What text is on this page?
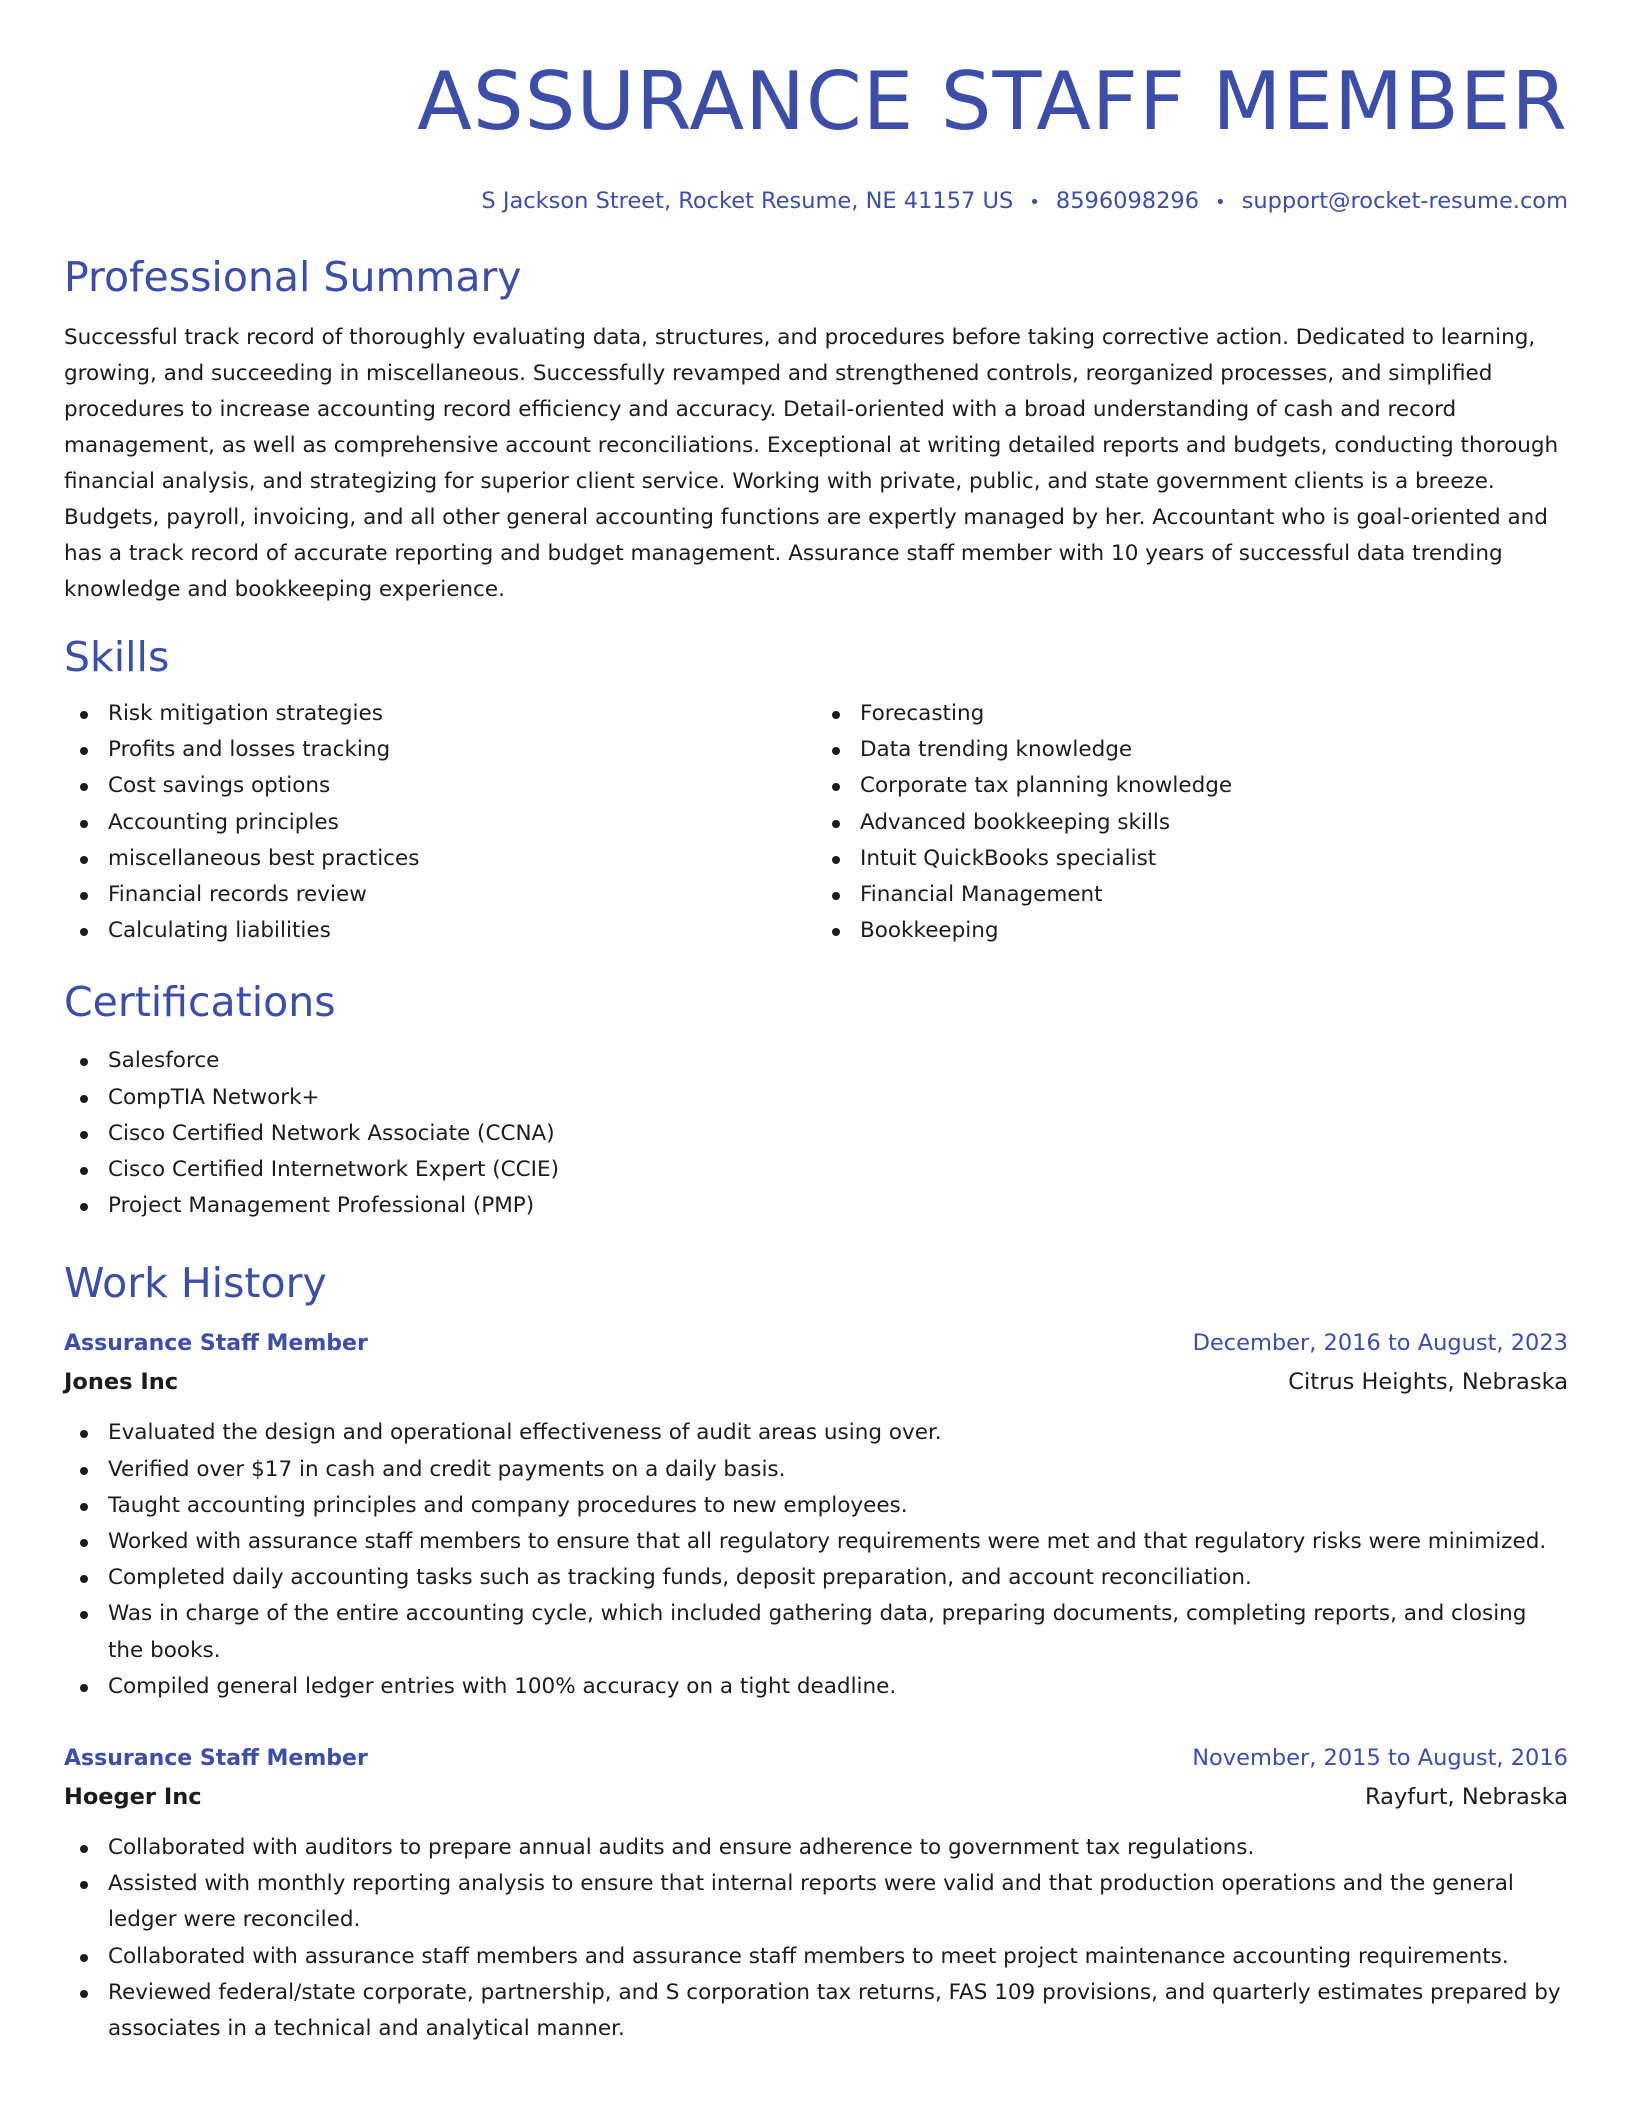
ASSURANCE STAFF MEMBER
S Jackson Street, Rocket Resume, NE 41157 US • 8596098296 • support@rocket-resume.com
Professional Summary

Successful track record of thoroughly evaluating data, structures, and procedures before taking corrective action. Dedicated to learning, growing, and succeeding in miscellaneous. Successfully revamped and strengthened controls, reorganized processes, and simplified procedures to increase accounting record efficiency and accuracy. Detail-oriented with a broad understanding of cash and record management, as well as comprehensive account reconciliations. Exceptional at writing detailed reports and budgets, conducting thorough financial analysis, and strategizing for superior client service. Working with private, public, and state government clients is a breeze. Budgets, payroll, invoicing, and all other general accounting functions are expertly managed by her. Accountant who is goal-oriented and has a track record of accurate reporting and budget management. Assurance staff member with 10 years of successful data trending knowledge and bookkeeping experience.

Skills
Risk mitigation strategies
Profits and losses tracking
Cost savings options
Accounting principles
miscellaneous best practices
Financial records review
Calculating liabilities
Forecasting
Data trending knowledge
Corporate tax planning knowledge
Advanced bookkeeping skills
Intuit QuickBooks specialist
Financial Management
Bookkeeping
Certifications
Salesforce
CompTIA Network+
Cisco Certified Network Associate (CCNA)
Cisco Certified Internetwork Expert (CCIE)
Project Management Professional (PMP)
Work History
Assurance Staff Member	December, 2016 to August, 2023
Jones Inc	Citrus Heights, Nebraska
Evaluated the design and operational effectiveness of audit areas using over.
Verified over $17 in cash and credit payments on a daily basis.
Taught accounting principles and company procedures to new employees.
Worked with assurance staff members to ensure that all regulatory requirements were met and that regulatory risks were minimized.
Completed daily accounting tasks such as tracking funds, deposit preparation, and account reconciliation.
Was in charge of the entire accounting cycle, which included gathering data, preparing documents, completing reports, and closing the books.
Compiled general ledger entries with 100% accuracy on a tight deadline.
Assurance Staff Member	November, 2015 to August, 2016
Hoeger Inc	Rayfurt, Nebraska
Collaborated with auditors to prepare annual audits and ensure adherence to government tax regulations.
Assisted with monthly reporting analysis to ensure that internal reports were valid and that production operations and the general ledger were reconciled.
Collaborated with assurance staff members and assurance staff members to meet project maintenance accounting requirements.
Reviewed federal/state corporate, partnership, and S corporation tax returns, FAS 109 provisions, and quarterly estimates prepared by associates in a technical and analytical manner.
